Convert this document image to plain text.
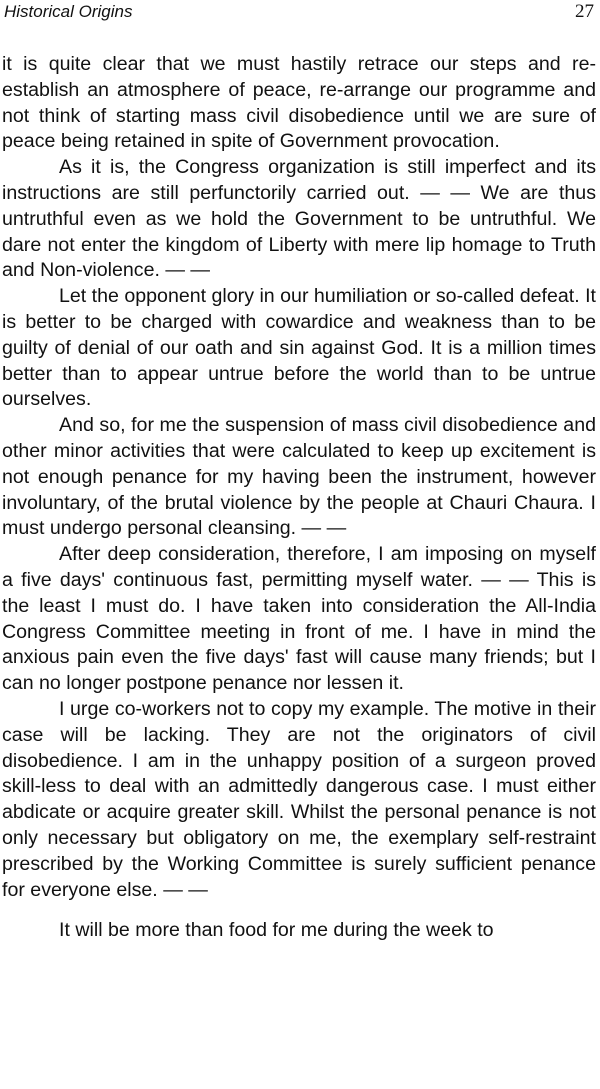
Historical Origins	27

it is quite clear that we must hastily retrace our steps and re-establish an atmosphere of peace, re-arrange our programme and not think of starting mass civil disobedience until we are sure of peace being retained in spite of Government provocation.

As it is, the Congress organization is still imperfect and its instructions are still perfunctorily carried out. — — We are thus untruthful even as we hold the Government to be untruthful. We dare not enter the kingdom of Liberty with mere lip homage to Truth and Non-violence. — —

Let the opponent glory in our humiliation or so-called defeat. It is better to be charged with cowardice and weakness than to be guilty of denial of our oath and sin against God. It is a million times better than to appear untrue before the world than to be untrue ourselves.

And so, for me the suspension of mass civil disobedience and other minor activities that were calculated to keep up excitement is not enough penance for my having been the instrument, however involuntary, of the brutal violence by the people at Chauri Chaura. I must undergo personal cleansing. — —

After deep consideration, therefore, I am imposing on myself a five days' continuous fast, permitting myself water. — — This is the least I must do. I have taken into consideration the All-India Congress Committee meeting in front of me. I have in mind the anxious pain even the five days' fast will cause many friends; but I can no longer postpone penance nor lessen it.

I urge co-workers not to copy my example. The motive in their case will be lacking. They are not the originators of civil disobedience. I am in the unhappy position of a surgeon proved skill-less to deal with an admittedly dangerous case. I must either abdicate or acquire greater skill. Whilst the personal penance is not only necessary but obligatory on me, the exemplary self-restraint prescribed by the Working Committee is surely sufficient penance for everyone else. — —

It will be more than food for me during the week to
